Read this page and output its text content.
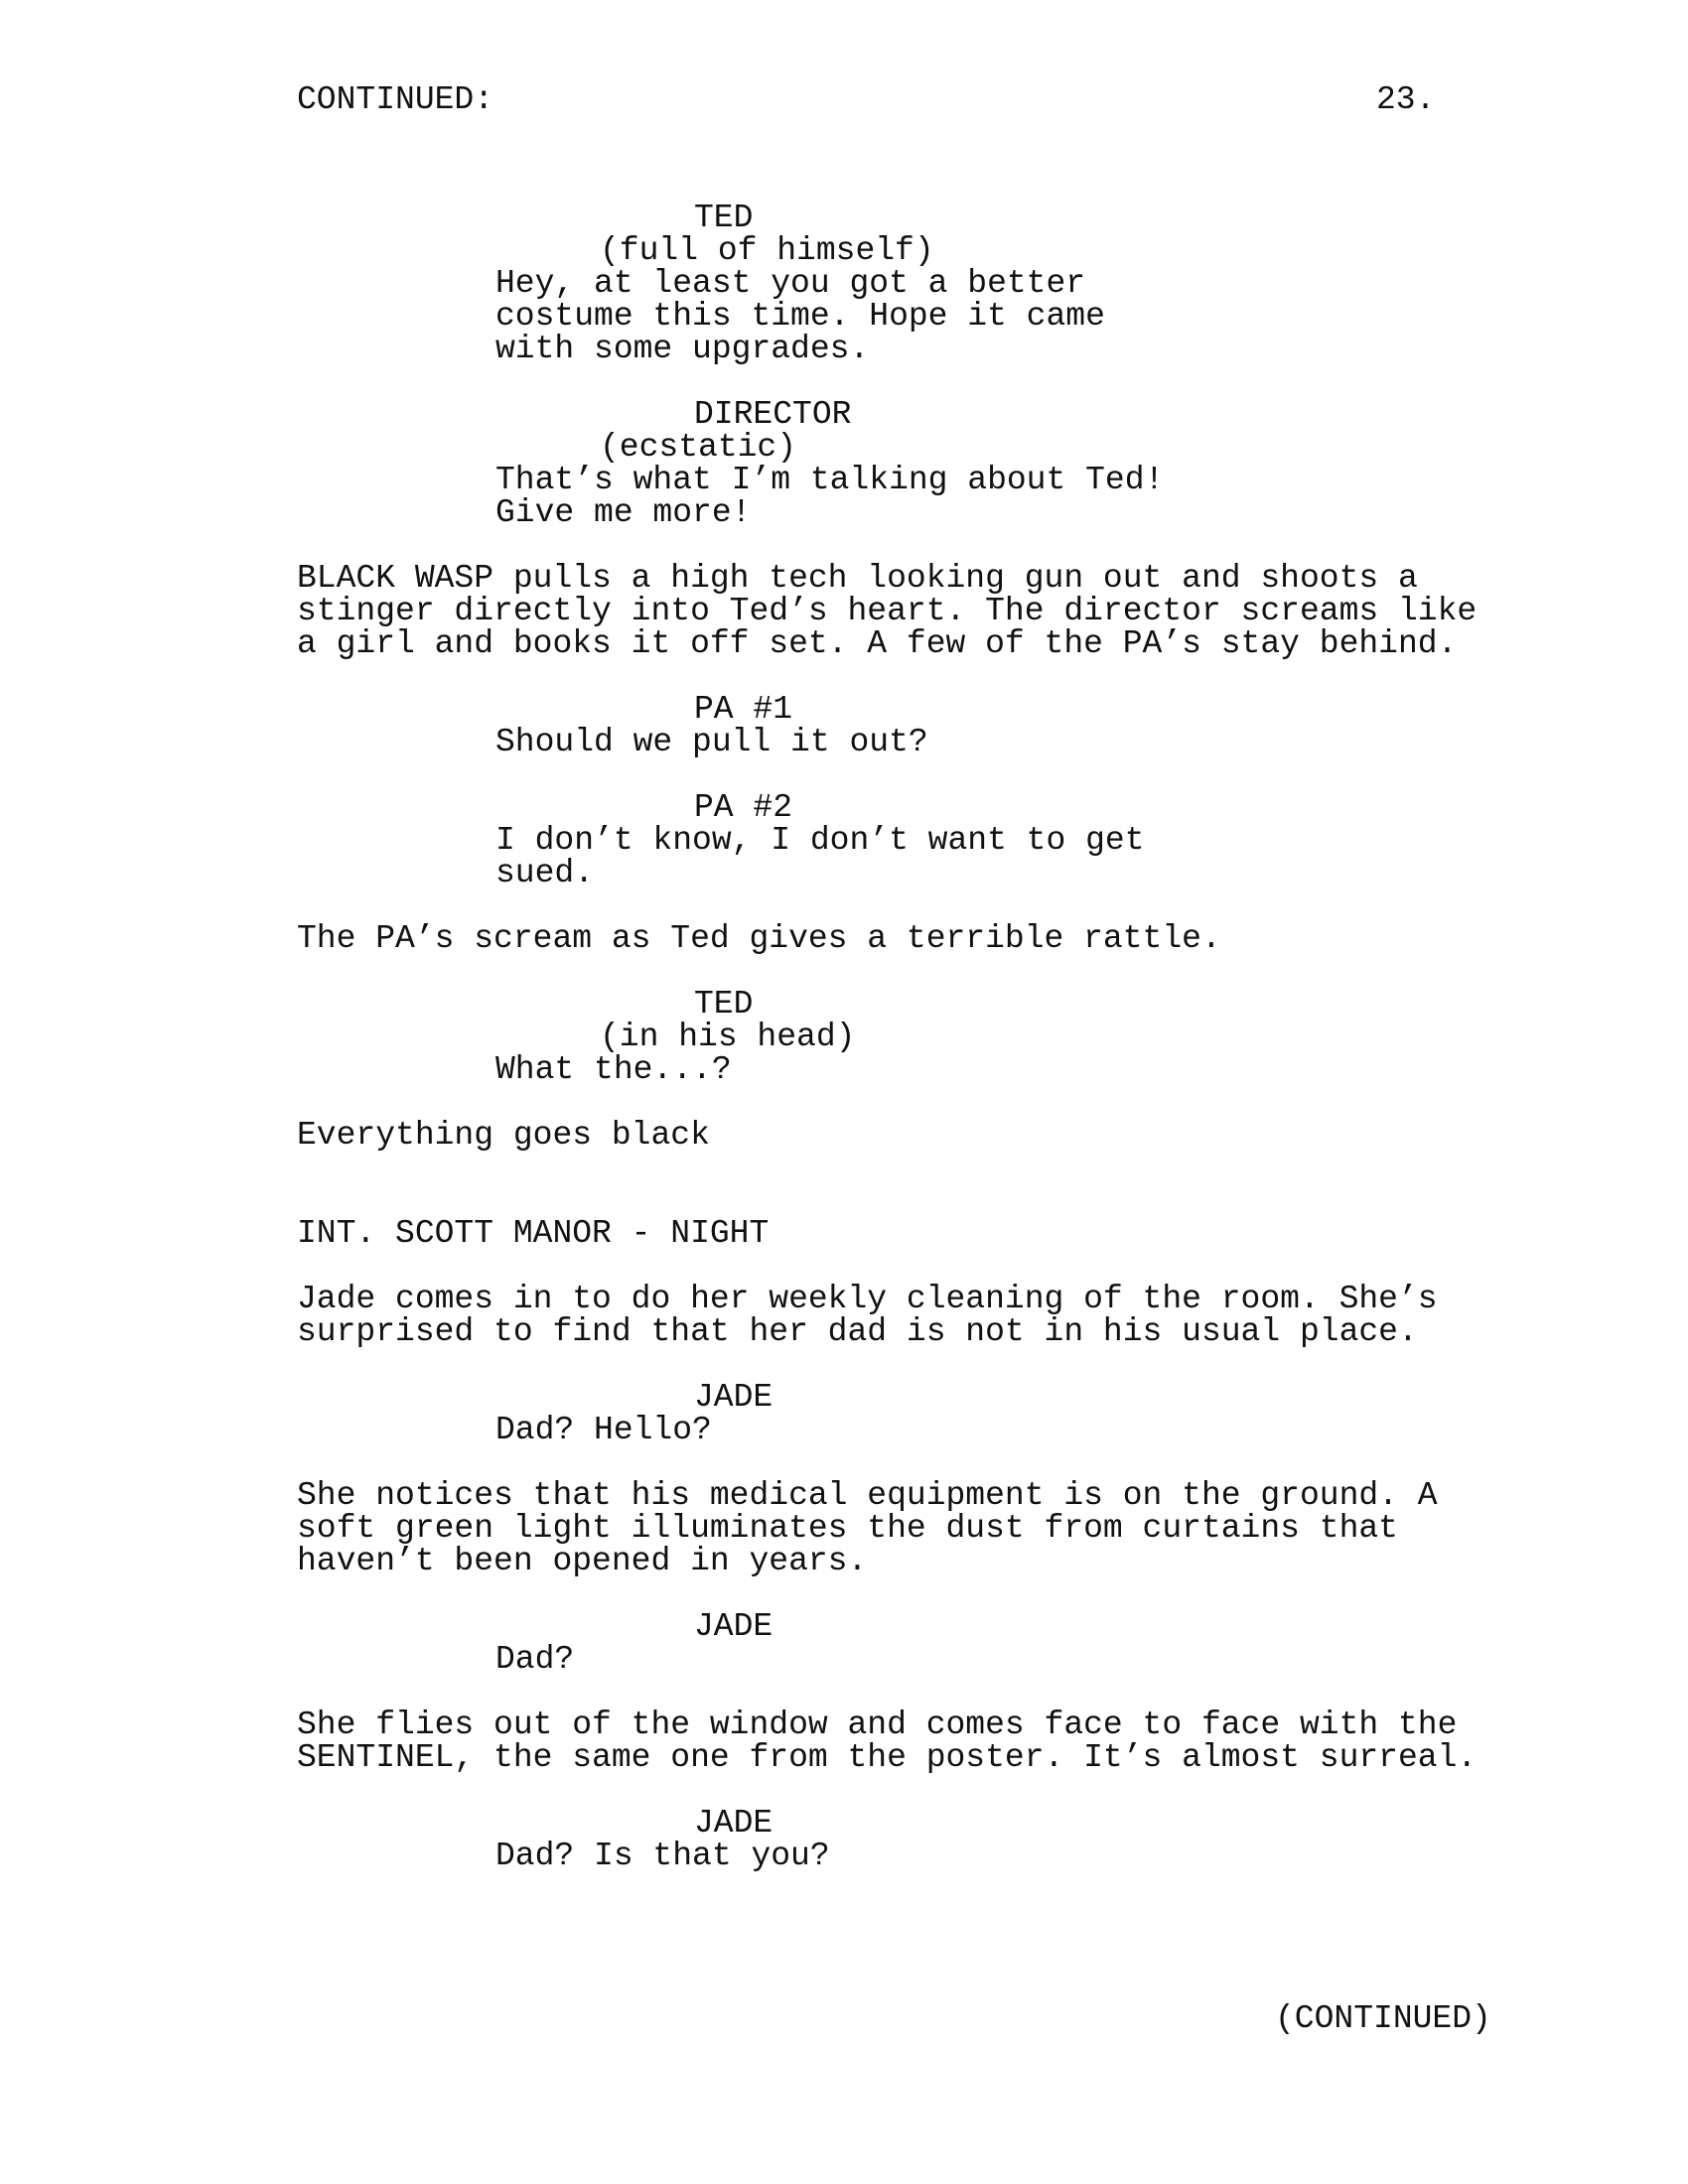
CONTINUED:	23.
TED
(full of himself)
Hey, at least you got a better
costume this time. Hope it came
with some upgrades.
DIRECTOR
(ecstatic)
That’s what I’m talking about Ted!
Give me more!
BLACK WASP pulls a high tech looking gun out and shoots a
stinger directly into Ted’s heart. The director screams like
a girl and books it off set. A few of the PA’s stay behind.
PA #1
Should we pull it out?
PA #2
I don’t know, I don’t want to get
sued.
The PA’s scream as Ted gives a terrible rattle.
TED
(in his head)
What the...?
Everything goes black
INT. SCOTT MANOR - NIGHT
Jade comes in to do her weekly cleaning of the room. She’s
surprised to find that her dad is not in his usual place.
JADE
Dad? Hello?
She notices that his medical equipment is on the ground. A
soft green light illuminates the dust from curtains that
haven’t been opened in years.
JADE
Dad?
She flies out of the window and comes face to face with the
SENTINEL, the same one from the poster. It’s almost surreal.
JADE
Dad? Is that you?
(CONTINUED)
